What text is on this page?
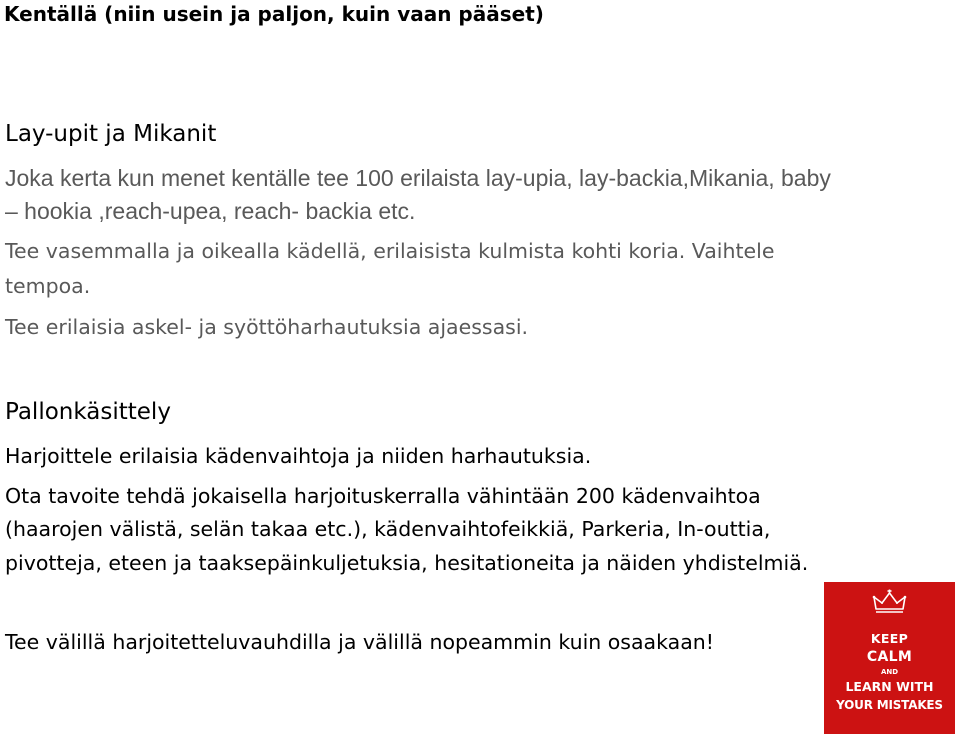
Kentällä (niin usein ja paljon, kuin vaan pääset)
Lay-upit ja Mikanit

Joka kerta kun menet kentälle tee 100 erilaista lay-upia, lay-backia,Mikania, baby

– hookia ,reach-upea, reach- backia etc.

Tee vasemmalla ja oikealla kädellä, erilaisista kulmista kohti koria. Vaihtele

tempoa.

Tee erilaisia askel- ja syöttöharhautuksia ajaessasi.

Pallonkäsittely

Harjoittele erilaisia kädenvaihtoja ja niiden harhautuksia.

Ota tavoite tehdä jokaisella harjoituskerralla vähintään 200 kädenvaihtoa

(haarojen välistä, selän takaa etc.), kädenvaihtofeikkiä, Parkeria, In-outtia,

pivotteja, eteen ja taaksepäinkuljetuksia, hesitationeita ja näiden yhdistelmiä.

Tee välillä harjoitetteluvauhdilla ja välillä nopeammin kuin osaakaan!	KEEP
CALM
AND
LEARN WITH
YOUR MISTAKES
